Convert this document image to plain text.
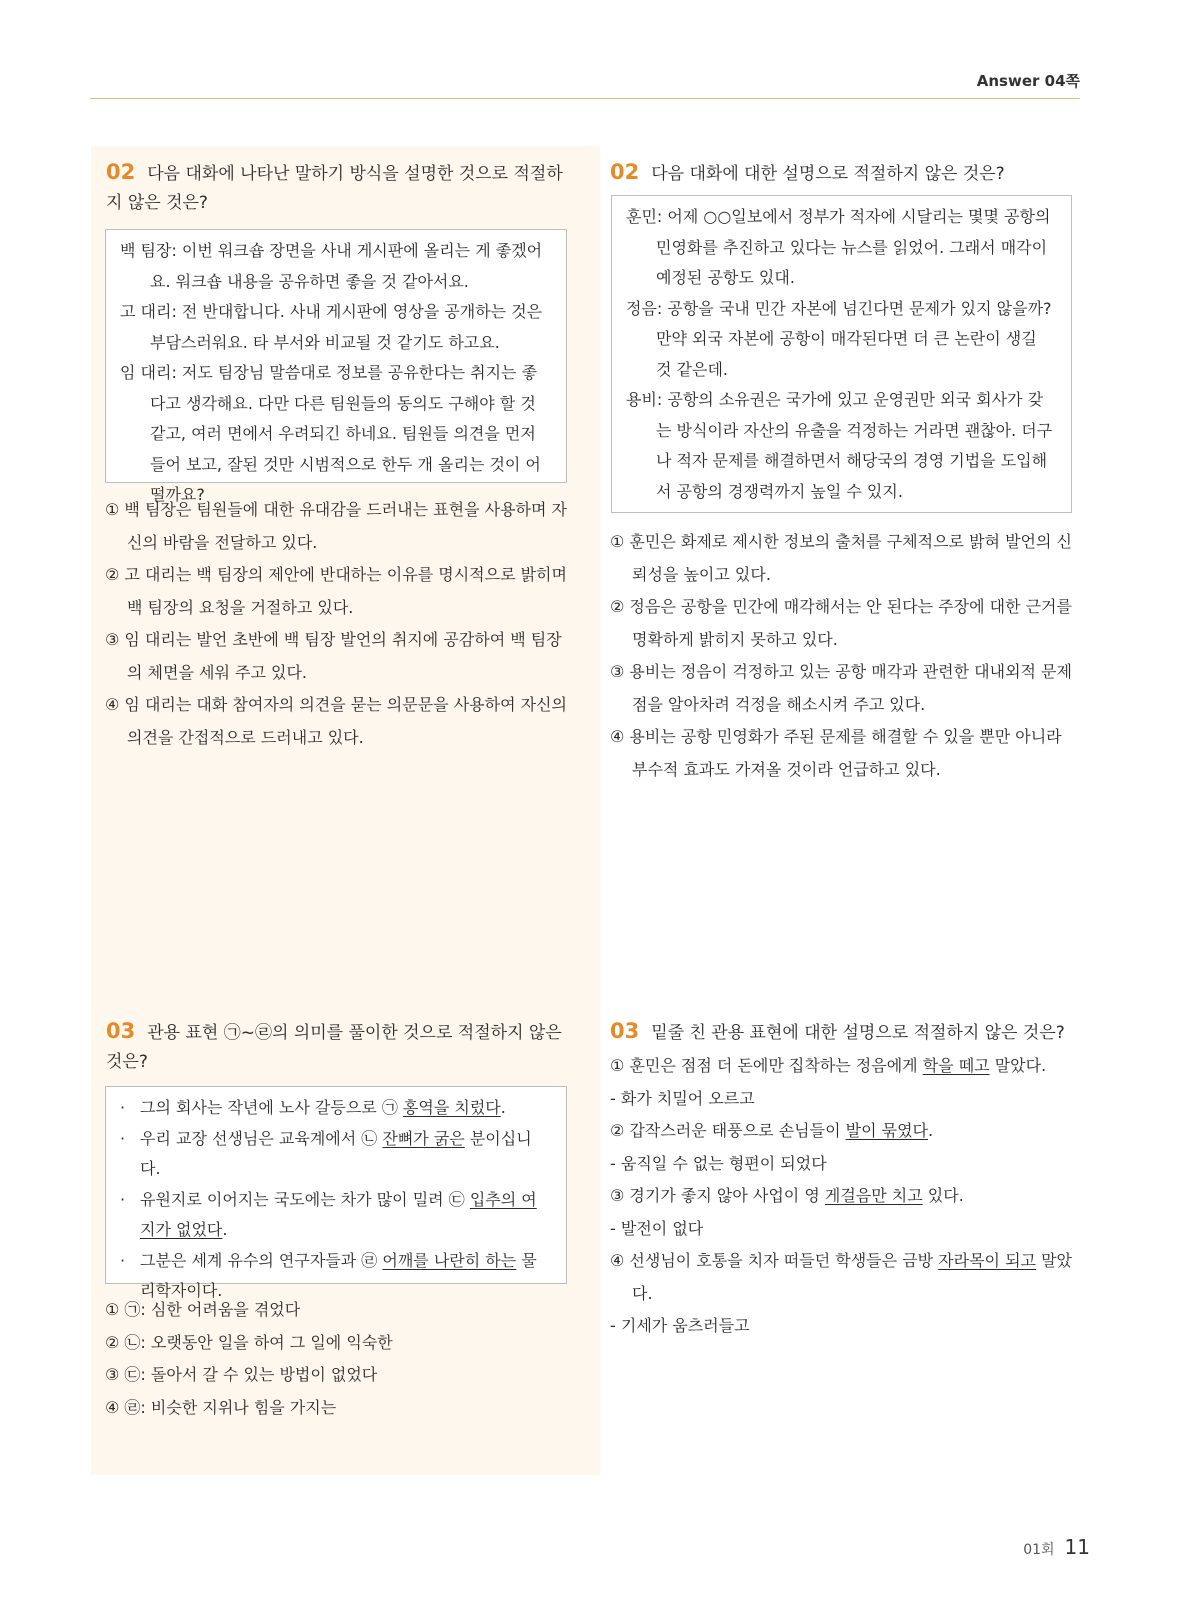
Answer 04쪽
02 다음 대화에 나타난 말하기 방식을 설명한 것으로 적절하지 않은 것은?

백 팀장: 이번 워크숍 장면을 사내 게시판에 올리는 게 좋겠어요. 워크숍 내용을 공유하면 좋을 것 같아서요.

고 대리: 전 반대합니다. 사내 게시판에 영상을 공개하는 것은 부담스러워요. 타 부서와 비교될 것 같기도 하고요.

임 대리: 저도 팀장님 말씀대로 정보를 공유한다는 취지는 좋다고 생각해요. 다만 다른 팀원들의 동의도 구해야 할 것 같고, 여러 면에서 우려되긴 하네요. 팀원들 의견을 먼저 들어 보고, 잘된 것만 시범적으로 한두 개 올리는 것이 어떨까요?

① 백 팀장은 팀원들에 대한 유대감을 드러내는 표현을 사용하며 자신의 바람을 전달하고 있다.

② 고 대리는 백 팀장의 제안에 반대하는 이유를 명시적으로 밝히며 백 팀장의 요청을 거절하고 있다.

③ 임 대리는 발언 초반에 백 팀장 발언의 취지에 공감하여 백 팀장의 체면을 세워 주고 있다.

④ 임 대리는 대화 참여자의 의견을 묻는 의문문을 사용하여 자신의 의견을 간접적으로 드러내고 있다.

02 다음 대화에 대한 설명으로 적절하지 않은 것은?

훈민: 어제 ○○일보에서 정부가 적자에 시달리는 몇몇 공항의 민영화를 추진하고 있다는 뉴스를 읽었어. 그래서 매각이 예정된 공항도 있대.

정음: 공항을 국내 민간 자본에 넘긴다면 문제가 있지 않을까? 만약 외국 자본에 공항이 매각된다면 더 큰 논란이 생길 것 같은데.

용비: 공항의 소유권은 국가에 있고 운영권만 외국 회사가 갖는 방식이라 자산의 유출을 걱정하는 거라면 괜찮아. 더구나 적자 문제를 해결하면서 해당국의 경영 기법을 도입해서 공항의 경쟁력까지 높일 수 있지.

① 훈민은 화제로 제시한 정보의 출처를 구체적으로 밝혀 발언의 신뢰성을 높이고 있다.

② 정음은 공항을 민간에 매각해서는 안 된다는 주장에 대한 근거를 명확하게 밝히지 못하고 있다.

③ 용비는 정음이 걱정하고 있는 공항 매각과 관련한 대내외적 문제점을 알아차려 걱정을 해소시켜 주고 있다.

④ 용비는 공항 민영화가 주된 문제를 해결할 수 있을 뿐만 아니라 부수적 효과도 가져올 것이라 언급하고 있다.

03 관용 표현 ㉠~㉣의 의미를 풀이한 것으로 적절하지 않은 것은?

· 그의 회사는 작년에 노사 갈등으로 ㉠ 홍역을 치렀다.

· 우리 교장 선생님은 교육계에서 ㉡ 잔뼈가 굵은 분이십니다.

· 유원지로 이어지는 국도에는 차가 많이 밀려 ㉢ 입추의 여지가 없었다.

· 그분은 세계 유수의 연구자들과 ㉣ 어깨를 나란히 하는 물리학자이다.

① ㉠: 심한 어려움을 겪었다

② ㉡: 오랫동안 일을 하여 그 일에 익숙한

③ ㉢: 돌아서 갈 수 있는 방법이 없었다

④ ㉣: 비슷한 지위나 힘을 가지는

03 밑줄 친 관용 표현에 대한 설명으로 적절하지 않은 것은?

① 훈민은 점점 더 돈에만 집착하는 정음에게 학을 떼고 말았다.

- 화가 치밀어 오르고

② 갑작스러운 태풍으로 손님들이 발이 묶였다.

- 움직일 수 없는 형편이 되었다

③ 경기가 좋지 않아 사업이 영 게걸음만 치고 있다.

- 발전이 없다

④ 선생님이 호통을 치자 떠들던 학생들은 금방 자라목이 되고 말았다.

- 기세가 움츠러들고

01회 11
